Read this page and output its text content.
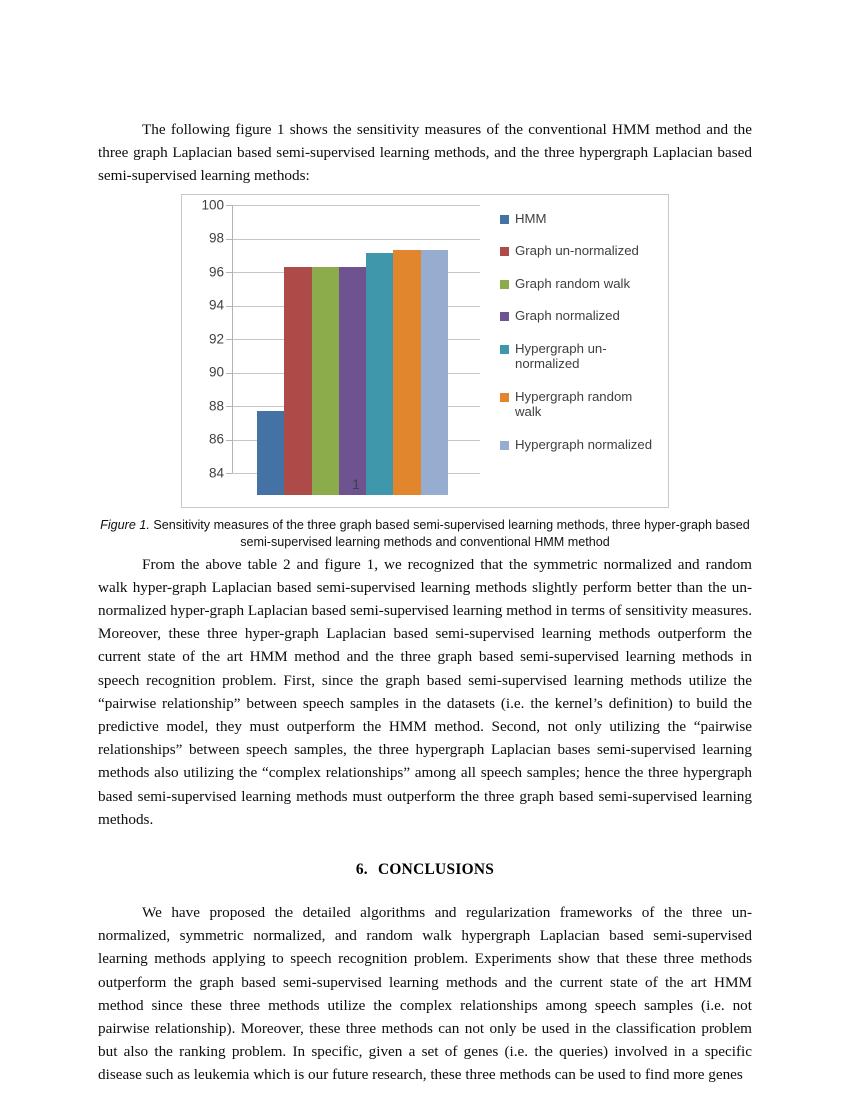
The following figure 1 shows the sensitivity measures of the conventional HMM method and the three graph Laplacian based semi-supervised learning methods, and the three hypergraph Laplacian based semi-supervised learning methods:

84
86
88
90
92
94
96
98
100
1
HMM
Graph un-normalized
Graph random walk
Graph normalized
Hypergraph un-normalized
Hypergraph random walk
Hypergraph normalized
Figure 1. Sensitivity measures of the three graph based semi-supervised learning methods, three hyper-graph based semi-supervised learning methods and conventional HMM method

From the above table 2 and figure 1, we recognized that the symmetric normalized and random walk hyper-graph Laplacian based semi-supervised learning methods slightly perform better than the un-normalized hyper-graph Laplacian based semi-supervised learning method in terms of sensitivity measures. Moreover, these three hyper-graph Laplacian based semi-supervised learning methods outperform the current state of the art HMM method and the three graph based semi-supervised learning methods in speech recognition problem. First, since the graph based semi-supervised learning methods utilize the “pairwise relationship” between speech samples in the datasets (i.e. the kernel’s definition) to build the predictive model, they must outperform the HMM method. Second, not only utilizing the “pairwise relationships” between speech samples, the three hypergraph Laplacian bases semi-supervised learning methods also utilizing the “complex relationships” among all speech samples; hence the three hypergraph based semi-supervised learning methods must outperform the three graph based semi-supervised learning methods.

6. CONCLUSIONS

We have proposed the detailed algorithms and regularization frameworks of the three un-normalized, symmetric normalized, and random walk hypergraph Laplacian based semi-supervised learning methods applying to speech recognition problem. Experiments show that these three methods outperform the graph based semi-supervised learning methods and the current state of the art HMM method since these three methods utilize the complex relationships among speech samples (i.e. not pairwise relationship). Moreover, these three methods can not only be used in the classification problem but also the ranking problem. In specific, given a set of genes (i.e. the queries) involved in a specific disease such as leukemia which is our future research, these three methods can be used to find more genes
